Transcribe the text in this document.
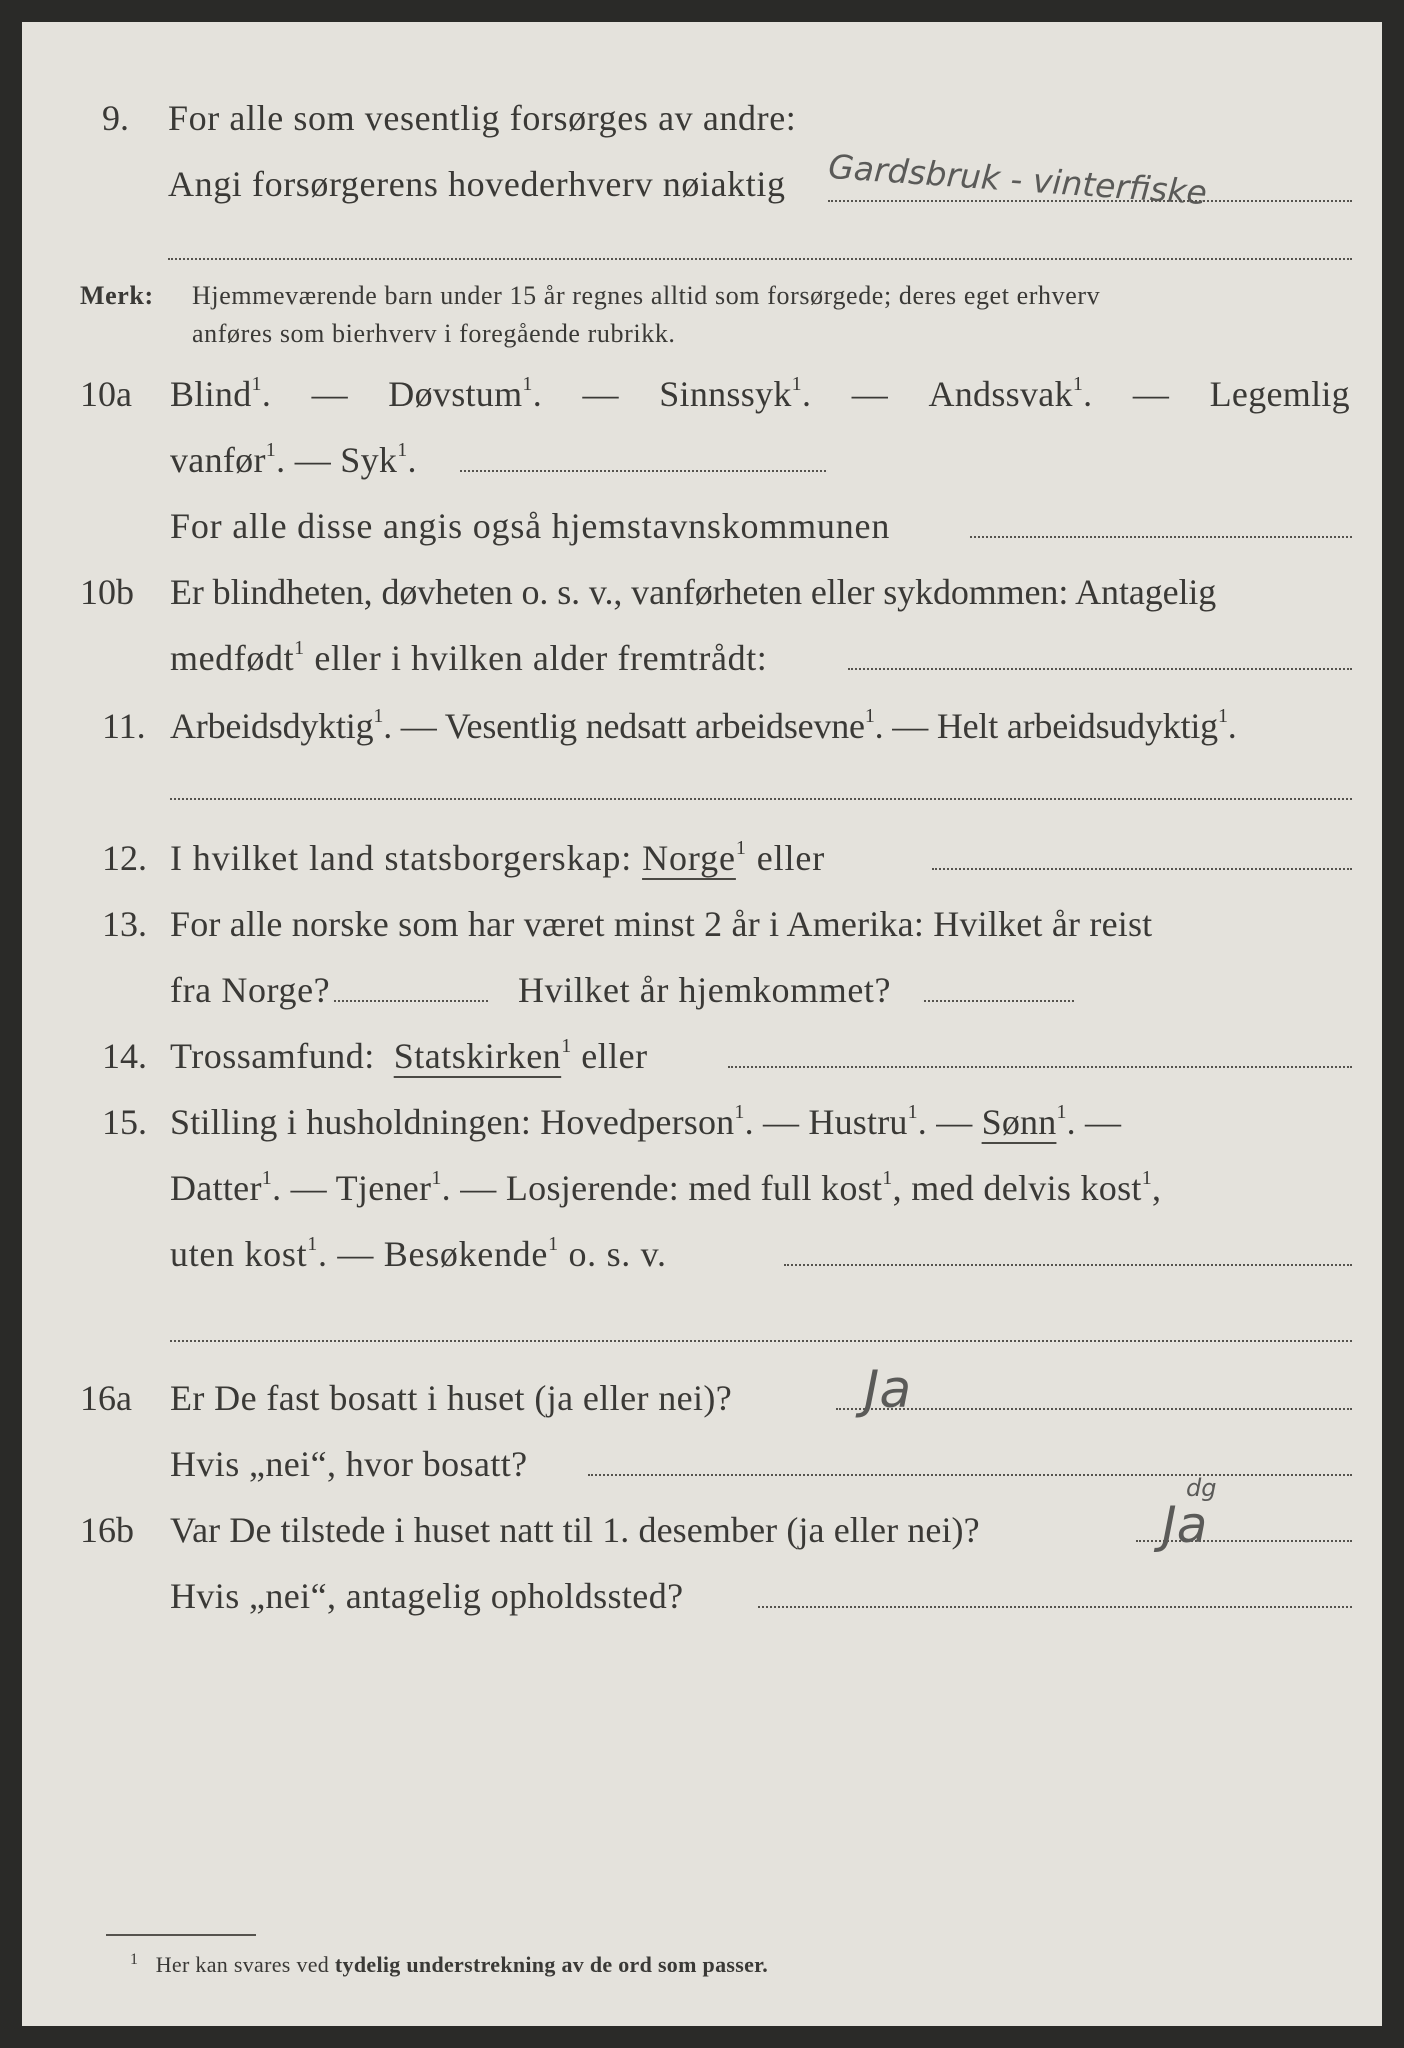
9. For alle som vesentlig forsørges av andre:
Angi forsørgerens hovederhverv nøiaktig Gardsbruk - vinterfiske
Merk: Hjemmeværende barn under 15 år regnes alltid som forsørgede; deres eget erhverv
anføres som bierhverv i foregående rubrikk.
10a Blind$^1$. — Døvstum$^1$. — Sinnssyk$^1$. — Andssvak$^1$. — Legemlig
vanfør$^1$. — Syk$^1$.
For alle disse angis også hjemstavnskommunen
10b Er blindheten, døvheten o. s. v., vanførheten eller sykdommen: Antagelig
medfødt$^1$ eller i hvilken alder fremtrådt:
11. Arbeidsdyktig$^1$. — Vesentlig nedsatt arbeidsevne$^1$. — Helt arbeidsudyktig$^1$.
12. I hvilket land statsborgerskap: Norge$^1$ eller
13. For alle norske som har været minst 2 år i Amerika: Hvilket år reist
fra Norge?	Hvilket år hjemkommet?
14. Trossamfund: Statskirken$^1$ eller
15. Stilling i husholdningen: Hovedperson$^1$. — Hustru$^1$. — Sønn$^1$. —
Datter$^1$. — Tjener$^1$. — Losjerende: med full kost$^1$, med delvis kost$^1$,
uten kost$^1$. — Besøkende$^1$ o. s. v.
16a Er De fast bosatt i huset (ja eller nei)?	Ja
Hvis „nei“, hvor bosatt?
16b Var De tilstede i huset natt til 1. desember (ja eller nei)?
dg
Ja
Hvis „nei“, antagelig opholdssted?
$^1$ Her kan svares ved tydelig understrekning av de ord som passer.
